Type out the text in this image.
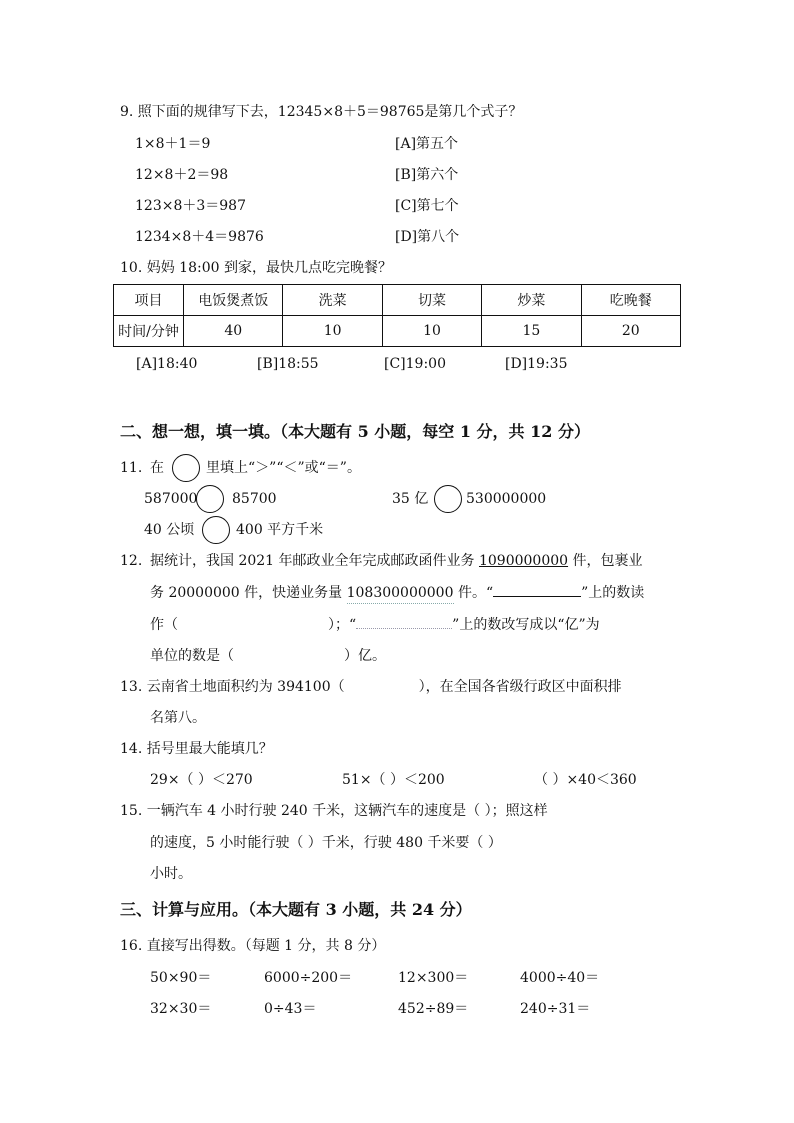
9. 照下面的规律写下去，12345×8＋5＝98765是第几个式子？
1×8＋1＝9
12×8＋2＝98
123×8＋3＝987
1234×8＋4＝9876
[A]第五个
[B]第六个
[C]第七个
[D]第八个
10. 妈妈 18:00 到家，最快几点吃完晚餐？
项目	电饭煲煮饭	洗菜	切菜	炒菜	吃晚餐
时间/分钟	40	10	10	15	20
[A]18:40	[B]18:55	[C]19:00	[D]19:35
二、想一想，填一填。（本大题有 5 小题，每空 1 分，共 12 分）
11. 在	里填上“＞”“＜”或“＝”。
587000 85700	35 亿	530000000
40 公顷	400 平方千米
12. 据统计，我国 2021 年邮政业全年完成邮政函件业务 1090000000 件，包裹业
务 20000000 件，快递业务量 108300000000 件。“	”上的数读
作（	）；“	”上的数改写成以“亿”为
单位的数是（	）亿。
13. 云南省土地面积约为 394100（	），在全国各省级行政区中面积排
名第八。
14. 括号里最大能填几？
29×（ ）＜270	51×（ ）＜200	（ ）×40＜360
15. 一辆汽车 4 小时行驶 240 千米，这辆汽车的速度是（ ）；照这样
的速度，5 小时能行驶（ ）千米，行驶 480 千米要（ ）
小时。
三、计算与应用。（本大题有 3 小题，共 24 分）
16. 直接写出得数。（每题 1 分，共 8 分）
50×90＝	6000÷200＝	12×300＝	4000÷40＝
32×30＝	0÷43＝	452÷89＝	240÷31＝
